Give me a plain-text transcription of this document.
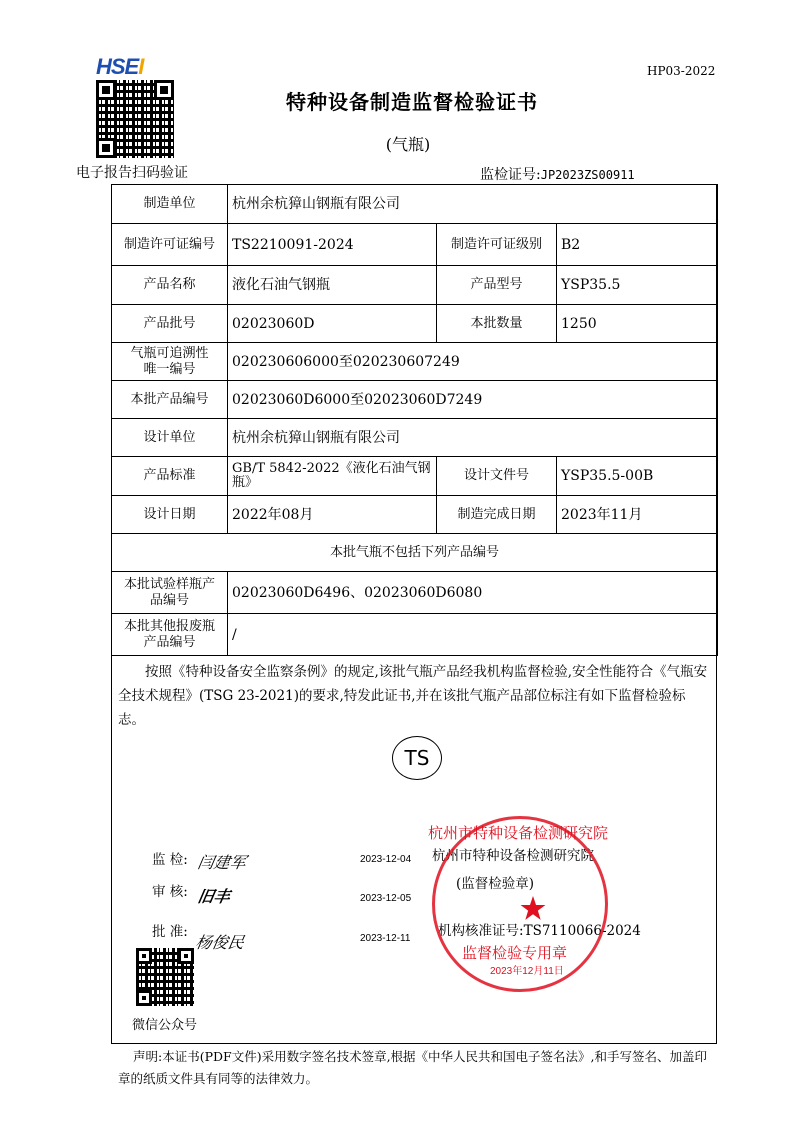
HSEI	HP03-2022
特种设备制造监督检验证书
(气瓶)
电子报告扫码验证	监检证号:JP2023ZS00911
制造单位	杭州余杭獐山钢瓶有限公司		
制造许可证编号	TS2210091-2024	制造许可证级别	B2
产品名称	液化石油气钢瓶	产品型号	YSP35.5
产品批号	02023060D	本批数量	1250
气瓶可追溯性唯一编号	020230606000至020230607249		
本批产品编号	02023060D6000至02023060D7249		
设计单位	杭州余杭獐山钢瓶有限公司		
产品标准	GB/T 5842-2022《液化石油气钢瓶》	设计文件号	YSP35.5-00B
设计日期	2022年08月	制造完成日期	2023年11月
本批气瓶不包括下列产品编号			
本批试验样瓶产品编号	02023060D6496、02023060D6080		
本批其他报废瓶产品编号	/		
按照《特种设备安全监察条例》的规定,该批气瓶产品经我机构监督检验,安全性能符合《气瓶安全技术规程》(TSG 23-2021)的要求,特发此证书,并在该批气瓶产品部位标注有如下监督检验标志。
TS
监 检: 闫建军	2023-12-04
审 核: 旧丰	2023-12-05
批 准:
杨俊民	2023-12-11
杭州市特种设备检测研究院
(监督检验章)
机构核准证号:TS7110066-2024
杭州市特种设备检测研究院
监督检验专用章
2023年12月11日
微信公众号
声明:本证书(PDF文件)采用数字签名技术签章,根据《中华人民共和国电子签名法》,和手写签名、加盖印章的纸质文件具有同等的法律效力。
